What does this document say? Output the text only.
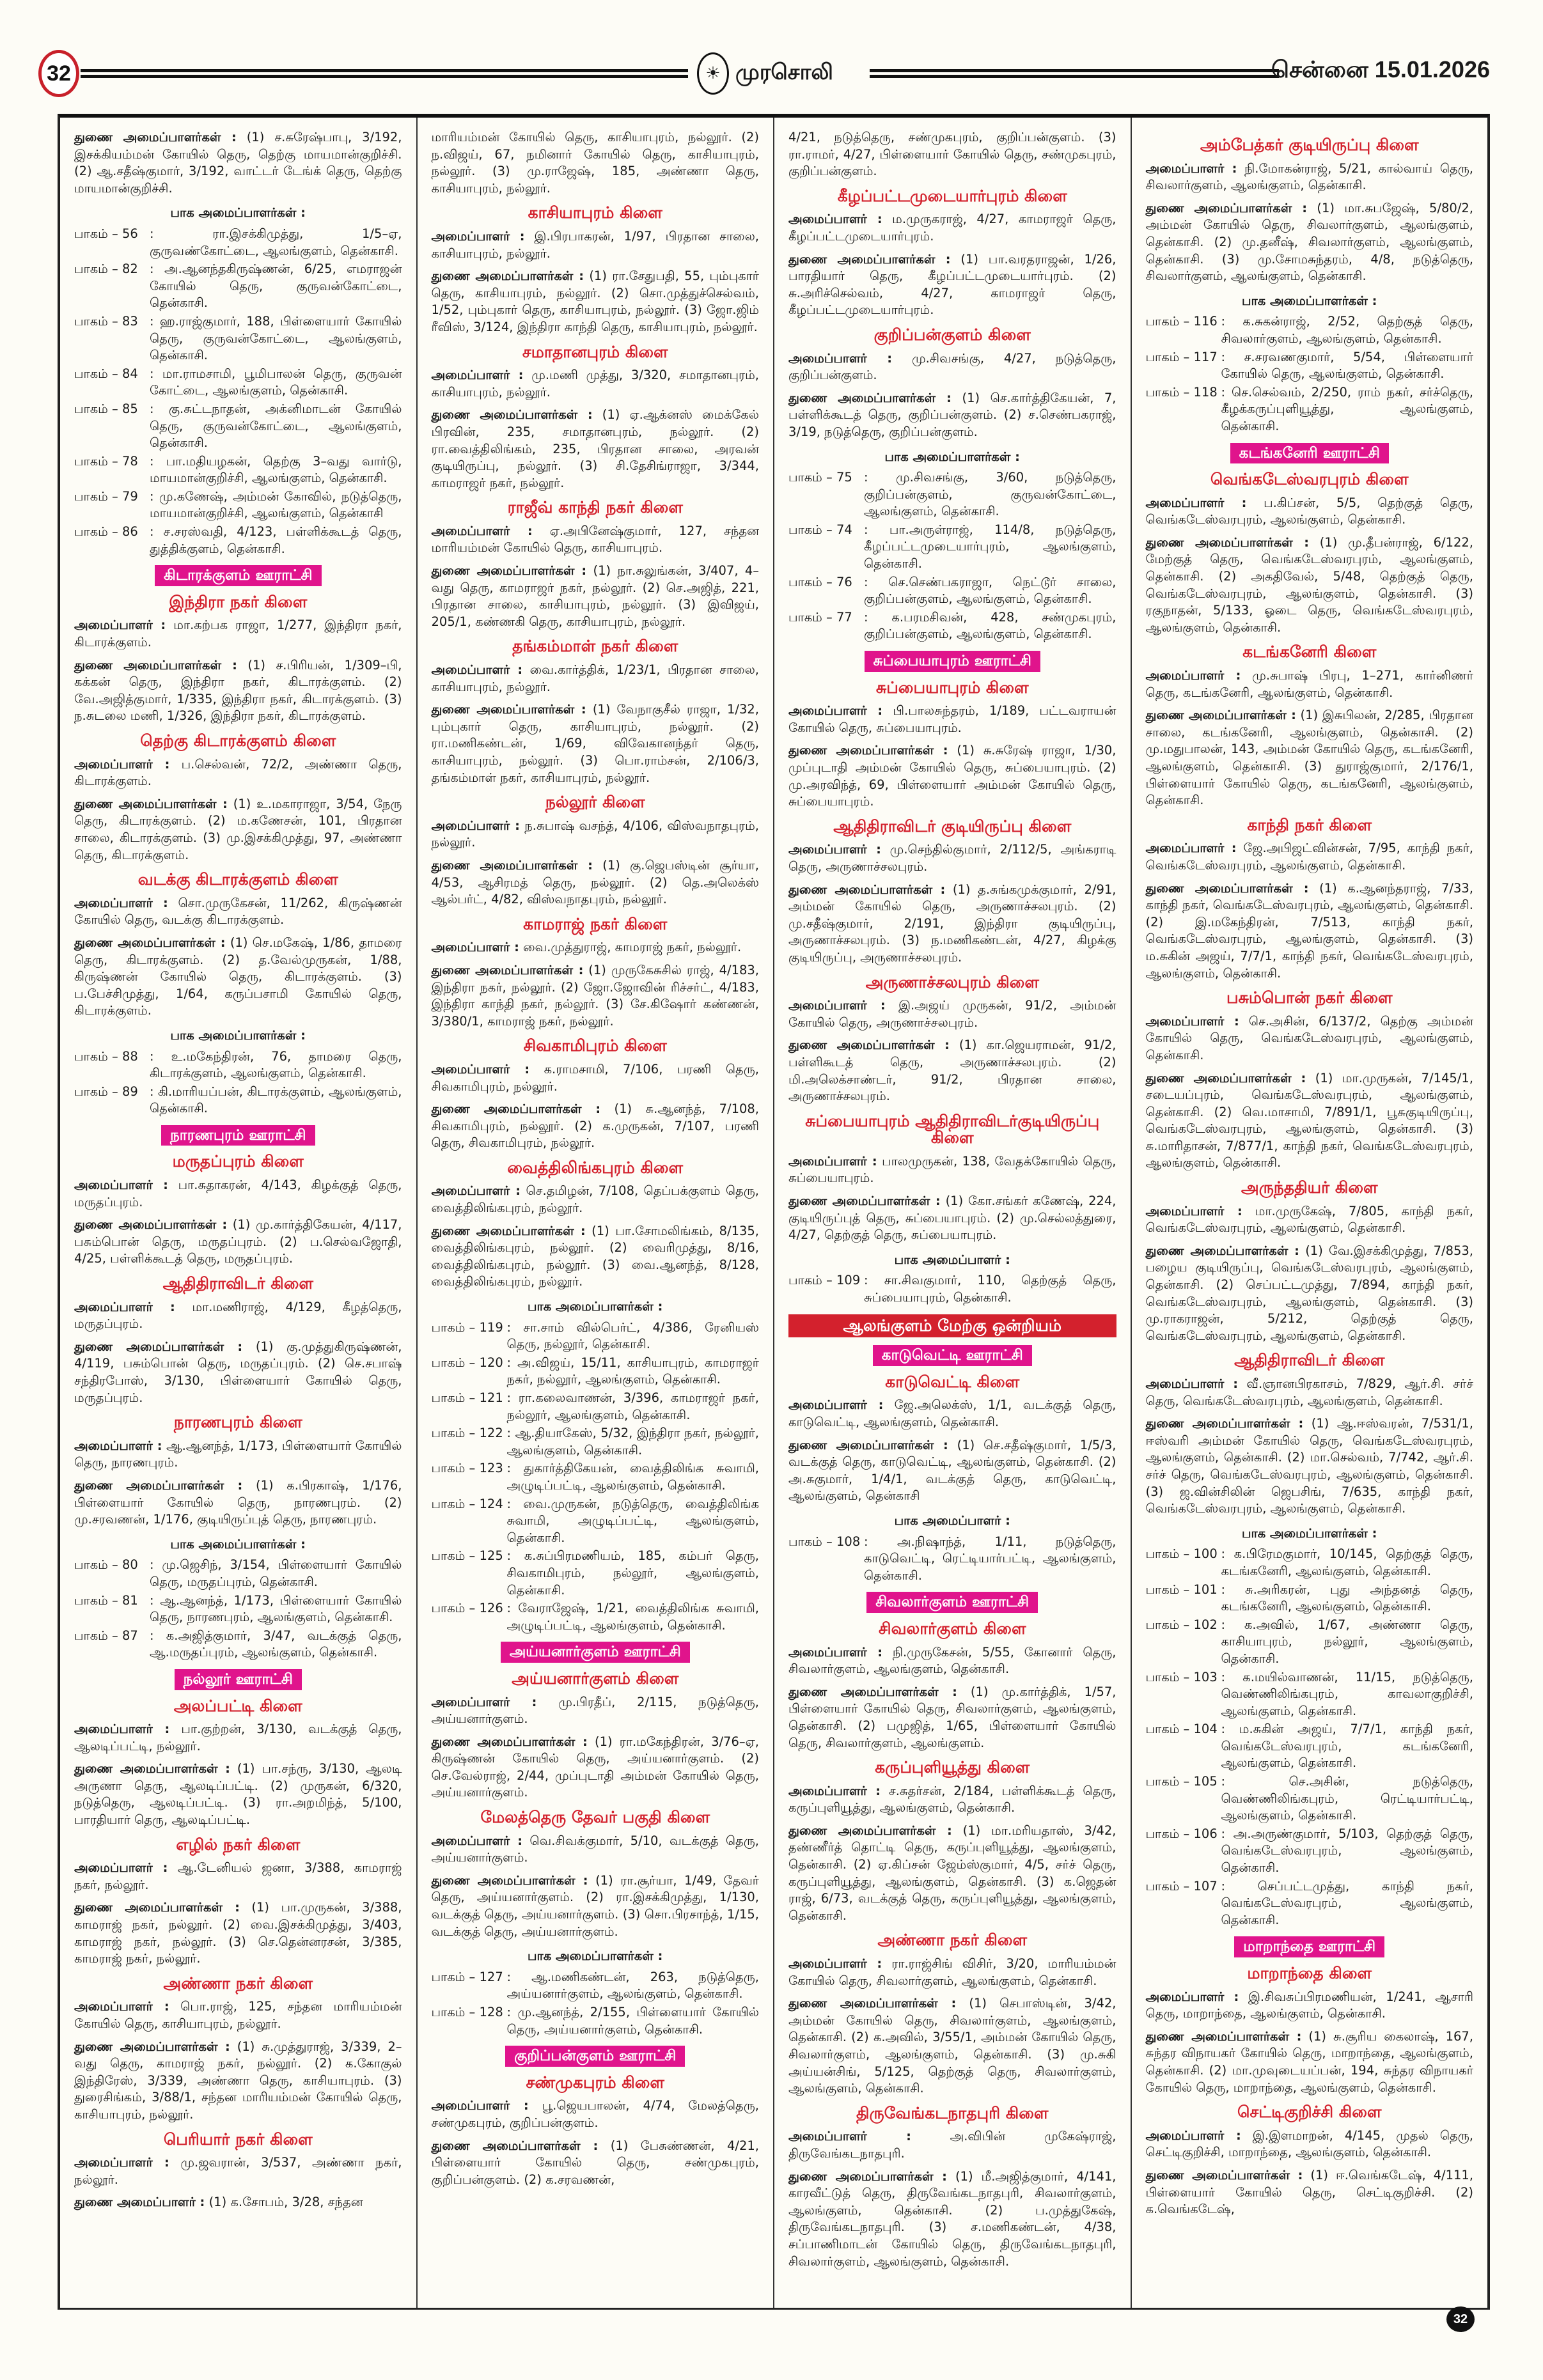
32	☀ முரசொலி	சென்னை 15.01.2026

துணை அமைப்பாளர்கள் : (1) ச.சுரேஷ்பாபு, 3/192, இசக்கியம்மன் கோயில் தெரு, தெற்கு மாயமான்குறிச்சி. (2) ஆ.சதீஷ்குமார், 3/192, வாட்டர் டேங்க் தெரு, தெற்கு மாயமான்குறிச்சி.

பாக அமைப்பாளர்கள் :
பாகம் – 56 : ரா.இசக்கிமுத்து, 1/5–ஏ, குருவண்கோட்டை, ஆலங்குளம், தென்காசி.
பாகம் – 82 : அ.ஆனந்தகிருஷ்ணன், 6/25, எமராஜன் கோயில் தெரு, குருவன்கோட்டை, தென்காசி.
பாகம் – 83 : ஹ.ராஜ்குமார், 188, பிள்ளையார் கோயில் தெரு, குருவன்கோட்டை, ஆலங்குளம், தென்காசி.
பாகம் – 84 : மா.ராமசாமி, பூமிபாலன் தெரு, குருவன் கோட்டை, ஆலங்குளம், தென்காசி.
பாகம் – 85 : கு.சுட்டநாதன், அக்னிமாடன் கோயில் தெரு, குருவன்கோட்டை, ஆலங்குளம், தென்காசி.
பாகம் – 78 : பா.மதியழகன், தெற்கு 3–வது வார்டு, மாயமான்குறிச்சி, ஆலங்குளம், தென்காசி.
பாகம் – 79 : மு.கணேஷ், அம்மன் கோவில், நடுத்தெரு, மாயமான்குறிச்சி, ஆலங்குளம், தென்காசி
பாகம் – 86 : ச.சரஸ்வதி, 4/123, பள்ளிக்கூடத் தெரு, துத்திக்குளம், தென்காசி.
கிடாரக்குளம் ஊராட்சி
இந்திரா நகர் கிளை

அமைப்பாளர் : மா.கற்பக ராஜா, 1/277, இந்திரா நகர், கிடாரக்குளம்.

துணை அமைப்பாளர்கள் : (1) ச.பிரியன், 1/309–பி, கக்கன் தெரு, இந்திரா நகர், கிடாரக்குளம். (2) வே.அஜித்குமார், 1/335, இந்திரா நகர், கிடாரக்குளம். (3) ந.சுடலை மணி, 1/326, இந்திரா நகர், கிடாரக்குளம்.

தெற்கு கிடாரக்குளம் கிளை

அமைப்பாளர் : ப.செல்வன், 72/2, அண்ணா தெரு, கிடாரக்குளம்.

துணை அமைப்பாளர்கள் : (1) உ.மகாராஜா, 3/54, நேரு தெரு, கிடாரக்குளம். (2) ம.கணேசன், 101, பிரதான சாலை, கிடாரக்குளம். (3) மு.இசக்கிமுத்து, 97, அண்ணா தெரு, கிடாரக்குளம்.

வடக்கு கிடாரக்குளம் கிளை

அமைப்பாளர் : சொ.முருகேசன், 11/262, கிருஷ்ணன் கோயில் தெரு, வடக்கு கிடாரக்குளம்.

துணை அமைப்பாளர்கள் : (1) செ.மகேஷ், 1/86, தாமரை தெரு, கிடாரக்குளம். (2) த.வேல்முருகன், 1/88, கிருஷ்ணன் கோயில் தெரு, கிடாரக்குளம். (3) ப.பேச்சிமுத்து, 1/64, கருப்பசாமி கோயில் தெரு, கிடாரக்குளம்.

பாக அமைப்பாளர்கள் :
பாகம் – 88 : உ.மகேந்திரன், 76, தாமரை தெரு, கிடாரக்குளம், ஆலங்குளம், தென்காசி.
பாகம் – 89 : கி.மாரியப்பன், கிடாரக்குளம், ஆலங்குளம், தென்காசி.
நாரணபுரம் ஊராட்சி
மருதப்புரம் கிளை

அமைப்பாளர் : பா.சுதாகரன், 4/143, கிழக்குத் தெரு, மருதப்புரம்.

துணை அமைப்பாளர்கள் : (1) மு.கார்த்திகேயன், 4/117, பசும்பொன் தெரு, மருதப்புரம். (2) ப.செல்வஜோதி, 4/25, பள்ளிக்கூடத் தெரு, மருதப்புரம்.

ஆதிதிராவிடர் கிளை

அமைப்பாளர் : மா.மணிராஜ், 4/129, கீழத்தெரு, மருதப்புரம்.

துணை அமைப்பாளர்கள் : (1) கு.முத்துகிருஷ்ணன், 4/119, பசும்பொன் தெரு, மருதப்புரம். (2) செ.சபாஷ் சந்திரபோஸ், 3/130, பிள்ளையார் கோயில் தெரு, மருதப்புரம்.

நாரணபுரம் கிளை

அமைப்பாளர் : ஆ.ஆனந்த், 1/173, பிள்ளையார் கோயில் தெரு, நாரணபுரம்.

துணை அமைப்பாளர்கள் : (1) க.பிரகாஷ், 1/176, பிள்ளையார் கோயில் தெரு, நாரணபுரம். (2) மு.சரவணன், 1/176, குடியிருப்புத் தெரு, நாரணபுரம்.

பாக அமைப்பாளர்கள் :
பாகம் – 80 : மு.ஜெசிந், 3/154, பிள்ளையார் கோயில் தெரு, மருதப்புரம், தென்காசி.
பாகம் – 81 : ஆ.ஆனந்த், 1/173, பிள்ளையார் கோயில் தெரு, நாரணபுரம், ஆலங்குளம், தென்காசி.
பாகம் – 87 : க.அஜித்குமார், 3/47, வடக்குத் தெரு, ஆ.மருதப்புரம், ஆலங்குளம், தென்காசி.
நல்லூர் ஊராட்சி
அலப்பட்டி கிளை

அமைப்பாளர் : பா.குற்றன், 3/130, வடக்குத் தெரு, ஆலடிப்பட்டி, நல்லூர்.

துணை அமைப்பாளர்கள் : (1) பா.சந்ரு, 3/130, ஆலடி அருணா தெரு, ஆலடிப்பட்டி. (2) முருகன், 6/320, நடுத்தெரு, ஆலடிப்பட்டி. (3) ரா.அறமிந்த், 5/100, பாரதியார் தெரு, ஆலடிப்பட்டி.

எழில் நகர் கிளை

அமைப்பாளர் : ஆ.டேனியல் ஜனா, 3/388, காமராஜ் நகர், நல்லூர்.

துணை அமைப்பாளர்கள் : (1) பா.முருகன், 3/388, காமராஜ் நகர், நல்லூர். (2) வை.இசக்கிமுத்து, 3/403, காமராஜ் நகர், நல்லூர். (3) செ.தென்னரசன், 3/385, காமராஜ் நகர், நல்லூர்.

அண்ணா நகர் கிளை

அமைப்பாளர் : பொ.ராஜ், 125, சந்தன மாரியம்மன் கோயில் தெரு, காசியாபுரம், நல்லூர்.

துணை அமைப்பாளர்கள் : (1) சு.முத்துராஜ், 3/339, 2–வது தெரு, காமராஜ் நகர், நல்லூர். (2) க.கோகுல் இந்திரேஸ், 3/339, அண்ணா தெரு, காசியாபுரம். (3) துரைசிங்கம், 3/88/1, சந்தன மாரியம்மன் கோயில் தெரு, காசியாபுரம், நல்லூர்.

பெரியார் நகர் கிளை

அமைப்பாளர் : மு.ஜவரான், 3/537, அண்ணா நகர், நல்லூர்.

துணை அமைப்பாளர் : (1) க.சோபம், 3/28, சந்தன

மாரியம்மன் கோயில் தெரு, காசியாபுரம், நல்லூர். (2) ந.விஜய், 67, நமினார் கோயில் தெரு, காசியாபுரம், நல்லூர். (3) மு.ராஜேஷ், 185, அண்ணா தெரு, காசியாபுரம், நல்லூர்.

காசியாபுரம் கிளை

அமைப்பாளர் : இ.பிரபாகரன், 1/97, பிரதான சாலை, காசியாபுரம், நல்லூர்.

துணை அமைப்பாளர்கள் : (1) ரா.சேதுபதி, 55, பும்புகார் தெரு, காசியாபுரம், நல்லூர். (2) சொ.முத்துச்செல்வம், 1/52, பும்புகார் தெரு, காசியாபுரம், நல்லூர். (3) ஜோ.ஜிம் ரீவிஸ், 3/124, இந்திரா காந்தி தெரு, காசியாபுரம், நல்லூர்.

சமாதானபுரம் கிளை

அமைப்பாளர் : மு.மணி முத்து, 3/320, சமாதானபுரம், காசியாபுரம், நல்லூர்.

துணை அமைப்பாளர்கள் : (1) ஏ.ஆக்னஸ் மைக்கேல் பிரவின், 235, சமாதானபுரம், நல்லூர். (2) ரா.வைத்திலிங்கம், 235, பிரதான சாலை, அரவன் குடியிருப்பு, நல்லூர். (3) சி.தேசிங்ராஜா, 3/344, காமராஜர் நகர், நல்லூர்.

ராஜீவ் காந்தி நகர் கிளை

அமைப்பாளர் : ஏ.அபினேஷ்குமார், 127, சந்தன மாரியம்மன் கோயில் தெரு, காசியாபுரம்.

துணை அமைப்பாளர்கள் : (1) நா.சுலுங்கன், 3/407, 4–வது தெரு, காமராஜர் நகர், நல்லூர். (2) செ.அஜித், 221, பிரதான சாலை, காசியாபுரம், நல்லூர். (3) இவிஜய், 205/1, கண்ணகி தெரு, காசியாபுரம், நல்லூர்.

தங்கம்மாள் நகர் கிளை

அமைப்பாளர் : வை.கார்த்திக், 1/23/1, பிரதான சாலை, காசியாபுரம், நல்லூர்.

துணை அமைப்பாளர்கள் : (1) வேநாகுசீல் ராஜா, 1/32, பும்புகார் தெரு, காசியாபுரம், நல்லூர். (2) ரா.மணிகண்டன், 1/69, விவேகானந்தர் தெரு, காசியாபுரம், நல்லூர். (3) பொ.ராம்சன், 2/106/3, தங்கம்மாள் நகர், காசியாபுரம், நல்லூர்.

நல்லூர் கிளை

அமைப்பாளர் : ந.சுபாஷ் வசந்த், 4/106, விஸ்வநாதபுரம், நல்லூர்.

துணை அமைப்பாளர்கள் : (1) கு.ஜெபஸ்டின் சூர்யா, 4/53, ஆசிரமத் தெரு, நல்லூர். (2) தெ.அலெக்ஸ் ஆல்பர்ட், 4/82, விஸ்வநாதபுரம், நல்லூர்.

காமராஜ் நகர் கிளை

அமைப்பாளர் : வை.முத்துராஜ், காமராஜ் நகர், நல்லூர்.

துணை அமைப்பாளர்கள் : (1) முருகேசுசில் ராஜ், 4/183, இந்திரா நகர், நல்லூர். (2) ஜோ.ஜோவின் ரிச்சர்ட், 4/183, இந்திரா காந்தி நகர், நல்லூர். (3) சே.கிஷோர் கண்ணன், 3/380/1, காமராஜ் நகர், நல்லூர்.

சிவகாமிபுரம் கிளை

அமைப்பாளர் : க.ராமசாமி, 7/106, பரணி தெரு, சிவகாமிபுரம், நல்லூர்.

துணை அமைப்பாளர்கள் : (1) சு.ஆனந்த், 7/108, சிவகாமிபுரம், நல்லூர். (2) க.முருகன், 7/107, பரணி தெரு, சிவகாமிபுரம், நல்லூர்.

வைத்திலிங்கபுரம் கிளை

அமைப்பாளர் : செ.தமிழன், 7/108, தெப்பக்குளம் தெரு, வைத்திலிங்கபுரம், நல்லூர்.

துணை அமைப்பாளர்கள் : (1) பா.சோமலிங்கம், 8/135, வைத்திலிங்கபுரம், நல்லூர். (2) வைரிமுத்து, 8/16, வைத்திலிங்கபுரம், நல்லூர். (3) வை.ஆனந்த், 8/128, வைத்திலிங்கபுரம், நல்லூர்.

பாக அமைப்பாளர்கள் :
பாகம் – 119 : சா.சாம் வில்பெர்ட், 4/386, ரேனியஸ் தெரு, நல்லூர், தென்காசி.
பாகம் – 120 : அ.விஜய், 15/11, காசியாபுரம், காமராஜர் நகர், நல்லூர், ஆலங்குளம், தென்காசி.
பாகம் – 121 : ரா.கலைவாணன், 3/396, காமராஜர் நகர், நல்லூர், ஆலங்குளம், தென்காசி.
பாகம் – 122 : ஆ.தியாகேஸ், 5/32, இந்திரா நகர், நல்லூர், ஆலங்குளம், தென்காசி.
பாகம் – 123 : துகார்த்திகேயன், வைத்திலிங்க சுவாமி, அழுடிப்பட்டி, ஆலங்குளம், தென்காசி.
பாகம் – 124 : வை.முருகன், நடுத்தெரு, வைத்திலிங்க சுவாமி, அழுடிப்பட்டி, ஆலங்குளம், தென்காசி.
பாகம் – 125 : க.சுப்பிரமணியம், 185, கம்பர் தெரு, சிவகாமிபுரம், நல்லூர், ஆலங்குளம், தென்காசி.
பாகம் – 126 : வேராஜேஷ், 1/21, வைத்திலிங்க சுவாமி, அழுடிப்பட்டி, ஆலங்குளம், தென்காசி.
அய்யனார்குளம் ஊராட்சி
அய்யனார்குளம் கிளை

அமைப்பாளர் : மு.பிரதீப், 2/115, நடுத்தெரு, அய்யனார்குளம்.

துணை அமைப்பாளர்கள் : (1) ரா.மகேந்திரன், 3/76–ஏ, கிருஷ்ணன் கோயில் தெரு, அய்யனார்குளம். (2) செ.வேல்ராஜ், 2/44, முப்புடாதி அம்மன் கோயில் தெரு, அய்யனார்குளம்.

மேலத்தெரு தேவர் பகுதி கிளை

அமைப்பாளர் : வெ.சிவக்குமார், 5/10, வடக்குத் தெரு, அய்யனார்குளம்.

துணை அமைப்பாளர்கள் : (1) ரா.சூர்யா, 1/49, தேவர் தெரு, அய்யனார்குளம். (2) ரா.இசக்கிமுத்து, 1/130, வடக்குத் தெரு, அய்யனார்குளம். (3) சொ.பிரசாந்த், 1/15, வடக்குத் தெரு, அய்யனார்குளம்.

பாக அமைப்பாளர்கள் :
பாகம் – 127 : ஆ.மணிகண்டன், 263, நடுத்தெரு, அய்யனார்குளம், ஆலங்குளம், தென்காசி.
பாகம் – 128 : மு.ஆனந்த், 2/155, பிள்ளையார் கோயில் தெரு, அய்யனார்குளம், தென்காசி.
குறிப்பன்குளம் ஊராட்சி
சண்முகபுரம் கிளை

அமைப்பாளர் : பூ.ஜெயபாலன், 4/74, மேலத்தெரு, சண்முகபுரம், குறிப்பன்குளம்.

துணை அமைப்பாளர்கள் : (1) பேசுண்ணன், 4/21, பிள்ளையார் கோயில் தெரு, சண்முகபுரம், குறிப்பன்குளம். (2) க.சரவணன்,

4/21, நடுத்தெரு, சண்முகபுரம், குறிப்பன்குளம். (3) ரா.ராமர், 4/27, பிள்ளையார் கோயில் தெரு, சண்முகபுரம், குறிப்பன்குளம்.

கீழப்பட்டமுடையார்புரம் கிளை

அமைப்பாளர் : ம.முருகராஜ், 4/27, காமராஜர் தெரு, கீழப்பட்டமுடையார்புரம்.

துணை அமைப்பாளர்கள் : (1) பா.வரதராஜன், 1/26, பாரதியார் தெரு, கீழப்பட்டமுடையார்புரம். (2) சு.அரிச்செல்வம், 4/27, காமராஜர் தெரு, கீழப்பட்டமுடையார்புரம்.

குறிப்பன்குளம் கிளை

அமைப்பாளர் : மு.சிவசங்கு, 4/27, நடுத்தெரு, குறிப்பன்குளம்.

துணை அமைப்பாளர்கள் : (1) செ.கார்த்திகேயன், 7, பள்ளிக்கூடத் தெரு, குறிப்பன்குளம். (2) ச.செண்பகராஜ், 3/19, நடுத்தெரு, குறிப்பன்குளம்.

பாக அமைப்பாளர்கள் :
பாகம் – 75 : மு.சிவசங்கு, 3/60, நடுத்தெரு, குறிப்பன்குளம், குருவன்கோட்டை, ஆலங்குளம், தென்காசி.
பாகம் – 74 : பா.அருள்ராஜ், 114/8, நடுத்தெரு, கீழப்பட்டமுடையார்புரம், ஆலங்குளம், தென்காசி.
பாகம் – 76 : செ.செண்பகராஜா, நெட்டூர் சாலை, குறிப்பன்குளம், ஆலங்குளம், தென்காசி.
பாகம் – 77 : க.பரமசிவன், 428, சண்முகபுரம், குறிப்பன்குளம், ஆலங்குளம், தென்காசி.
சுப்பையாபுரம் ஊராட்சி
சுப்பையாபுரம் கிளை

அமைப்பாளர் : பி.பாலசுந்தரம், 1/189, பட்டவராயன் கோயில் தெரு, சுப்பையாபுரம்.

துணை அமைப்பாளர்கள் : (1) சு.சுரேஷ் ராஜா, 1/30, முப்புடாதி அம்மன் கோயில் தெரு, சுப்பையாபுரம். (2) மு.அரவிந்த், 69, பிள்ளையார் அம்மன் கோயில் தெரு, சுப்பையாபுரம்.

ஆதிதிராவிடர் குடியிருப்பு கிளை

அமைப்பாளர் : மு.செந்தில்குமார், 2/112/5, அங்கராடி தெரு, அருணாச்சலபுரம்.

துணை அமைப்பாளர்கள் : (1) த.சுங்கமுக்குமார், 2/91, அம்மன் கோயில் தெரு, அருணாச்சலபுரம். (2) மு.சதீஷ்குமார், 2/191, இந்திரா குடியிருப்பு, அருணாச்சலபுரம். (3) ந.மணிகண்டன், 4/27, கிழக்கு குடியிருப்பு, அருணாச்சலபுரம்.

அருணாச்சலபுரம் கிளை

அமைப்பாளர் : இ.அஜய் முருகன், 91/2, அம்மன் கோயில் தெரு, அருணாச்சலபுரம்.

துணை அமைப்பாளர்கள் : (1) கா.ஜெயராமன், 91/2, பள்ளிகூடத் தெரு, அருணாச்சலபுரம். (2) மி.அலெக்சாண்டர், 91/2, பிரதான சாலை, அருணாச்சலபுரம்.

சுப்பையாபுரம் ஆதிதிராவிடர்குடியிருப்பு கிளை

அமைப்பாளர் : பாலமுருகன், 138, வேதக்கோயில் தெரு, சுப்பையாபுரம்.

துணை அமைப்பாளர்கள் : (1) கோ.சங்கர் கணேஷ், 224, குடியிருப்புத் தெரு, சுப்பையாபுரம். (2) மு.செல்லத்துரை, 4/27, தெற்குத் தெரு, சுப்பையாபுரம்.

பாக அமைப்பாளர் :
பாகம் – 109 : சா.சிவகுமார், 110, தெற்குத் தெரு, சுப்பையாபுரம், தென்காசி.
ஆலங்குளம் மேற்கு ஒன்றியம்
காடுவெட்டி ஊராட்சி
காடுவெட்டி கிளை

அமைப்பாளர் : ஜே.அலெக்ஸ், 1/1, வடக்குத் தெரு, காடுவெட்டி, ஆலங்குளம், தென்காசி.

துணை அமைப்பாளர்கள் : (1) செ.சதீஷ்குமார், 1/5/3, வடக்குத் தெரு, காடுவெட்டி, ஆலங்குளம், தென்காசி. (2) அ.சுகுமார், 1/4/1, வடக்குத் தெரு, காடுவெட்டி, ஆலங்குளம், தென்காசி

பாக அமைப்பாளர் :
பாகம் – 108 : அ.நிஷாந்த், 1/11, நடுத்தெரு, காடுவெட்டி, ரெட்டியார்பட்டி, ஆலங்குளம், தென்காசி.
சிவலார்குளம் ஊராட்சி
சிவலார்குளம் கிளை

அமைப்பாளர் : நி.முருகேசன், 5/55, கோனார் தெரு, சிவலார்குளம், ஆலங்குளம், தென்காசி.

துணை அமைப்பாளர்கள் : (1) மு.கார்த்திக், 1/57, பிள்ளையார் கோயில் தெரு, சிவலார்குளம், ஆலங்குளம், தென்காசி. (2) பமுஜித், 1/65, பிள்ளையார் கோயில் தெரு, சிவலார்குளம், ஆலங்குளம்.

கருப்புளியூத்து கிளை

அமைப்பாளர் : ச.சுதர்சன், 2/184, பள்ளிக்கூடத் தெரு, கருப்புளியூத்து, ஆலங்குளம், தென்காசி.

துணை அமைப்பாளர்கள் : (1) மா.மரியதாஸ், 3/42, தண்ணீர்த் தொட்டி தெரு, கருப்புளியூத்து, ஆலங்குளம், தென்காசி. (2) ஏ.கிப்சன் ஜேம்ஸ்குமார், 4/5, சர்ச் தெரு, கருப்புளியூத்து, ஆலங்குளம், தென்காசி. (3) க.ஜெதன் ராஜ், 6/73, வடக்குத் தெரு, கருப்புளியூத்து, ஆலங்குளம், தென்காசி.

அண்ணா நகர் கிளை

அமைப்பாளர் : ரா.ராஜ்சிங் விசிர், 3/20, மாரியம்மன் கோயில் தெரு, சிவலார்குளம், ஆலங்குளம், தென்காசி.

துணை அமைப்பாளர்கள் : (1) செபாஸ்டின், 3/42, அம்மன் கோயில் தெரு, சிவலார்குளம், ஆலங்குளம், தென்காசி. (2) க.அவில், 3/55/1, அம்மன் கோயில் தெரு, சிவலார்குளம், ஆலங்குளம், தென்காசி. (3) மு.சுகி அய்யன்சிங், 5/125, தெற்குத் தெரு, சிவலார்குளம், ஆலங்குளம், தென்காசி.

திருவேங்கடநாதபுரி கிளை

அமைப்பாளர் :	அ.விபின் முகேஷ்ராஜ், திருவேங்கடநாதபுரி.

துணை அமைப்பாளர்கள் : (1) மீ.அஜித்குமார், 4/141, காரவீட்டுத் தெரு, திருவேங்கடநாதபுரி, சிவலார்குளம், ஆலங்குளம், தென்காசி. (2) ப.முத்துகேஷ், திருவேங்கடநாதபுரி. (3) ச.மணிகண்டன், 4/38, சப்பாணிமாடன் கோயில் தெரு, திருவேங்கடநாதபுரி, சிவலார்குளம், ஆலங்குளம், தென்காசி.

அம்பேத்கர் குடியிருப்பு கிளை

அமைப்பாளர் : நி.மோகன்ராஜ், 5/21, கால்வாய் தெரு, சிவலார்குளம், ஆலங்குளம், தென்காசி.

துணை அமைப்பாளர்கள் : (1) மா.சுபஜேஷ், 5/80/2, அம்மன் கோயில் தெரு, சிவலார்குளம், ஆலங்குளம், தென்காசி. (2) மு.தனீஷ், சிவலார்குளம், ஆலங்குளம், தென்காசி. (3) மு.சோமசுந்தரம், 4/8, நடுத்தெரு, சிவலார்குளம், ஆலங்குளம், தென்காசி.

பாக அமைப்பாளர்கள் :
பாகம் – 116 : க.சுகன்ராஜ், 2/52, தெற்குத் தெரு, சிவலார்குளம், ஆலங்குளம், தென்காசி.
பாகம் – 117 : ச.சரவணகுமார், 5/54, பிள்ளையார் கோயில் தெரு, ஆலங்குளம், தென்காசி.
பாகம் – 118 : செ.செல்வம், 2/250, ராம் நகர், சர்ச்தெரு, கீழக்கருப்புளியூத்து, ஆலங்குளம், தென்காசி.
கடங்கனேரி ஊராட்சி
வெங்கடேஸ்வரபுரம் கிளை

அமைப்பாளர் : ப.கிப்சன், 5/5, தெற்குத் தெரு, வெங்கடேஸ்வரபுரம், ஆலங்குளம், தென்காசி.

துணை அமைப்பாளர்கள் : (1) மு.தீபன்ராஜ், 6/122, மேற்குத் தெரு, வெங்கடேஸ்வரபுரம், ஆலங்குளம், தென்காசி. (2) அகதிவேல், 5/48, தெற்குத் தெரு, வெங்கடேஸ்வரபுரம், ஆலங்குளம், தென்காசி. (3) ரகுநாதன், 5/133, ஓடை தெரு, வெங்கடேஸ்வரபுரம், ஆலங்குளம், தென்காசி.

கடங்கனேரி கிளை

அமைப்பாளர் : மு.சுபாஷ் பிரபு, 1–271, கார்னிணர் தெரு, கடங்கனேரி, ஆலங்குளம், தென்காசி.

துணை அமைப்பாளர்கள் : (1) இசுபிலன், 2/285, பிரதான சாலை, கடங்கனேரி, ஆலங்குளம், தென்காசி. (2) மு.மதுபாலன், 143, அம்மன் கோயில் தெரு, கடங்கனேரி, ஆலங்குளம், தென்காசி. (3) துராஜ்குமார், 2/176/1, பிள்ளையார் கோயில் தெரு, கடங்கனேரி, ஆலங்குளம், தென்காசி.

காந்தி நகர் கிளை

அமைப்பாளர் : ஜே.அபிஜட்வின்சன், 7/95, காந்தி நகர், வெங்கடேஸ்வரபுரம், ஆலங்குளம், தென்காசி.

துணை அமைப்பாளர்கள் : (1) க.ஆனந்தராஜ், 7/33, காந்தி நகர், வெங்கடேஸ்வரபுரம், ஆலங்குளம், தென்காசி. (2) இ.மகேந்திரன், 7/513, காந்தி நகர், வெங்கடேஸ்வரபுரம், ஆலங்குளம், தென்காசி. (3) ம.சுகின் அஜய், 7/7/1, காந்தி நகர், வெங்கடேஸ்வரபுரம், ஆலங்குளம், தென்காசி.

பசும்பொன் நகர் கிளை

அமைப்பாளர் : செ.அசின், 6/137/2, தெற்கு அம்மன் கோயில் தெரு, வெங்கடேஸ்வரபுரம், ஆலங்குளம், தென்காசி.

துணை அமைப்பாளர்கள் : (1) மா.முருகன், 7/145/1, சடையப்புரம், வெங்கடேஸ்வரபுரம், ஆலங்குளம், தென்காசி. (2) வெ.மாசாமி, 7/891/1, பூசுகுடியிருப்பு, வெங்கடேஸ்வரபுரம், ஆலங்குளம், தென்காசி. (3) சு.மாரிதாசன், 7/877/1, காந்தி நகர், வெங்கடேஸ்வரபுரம், ஆலங்குளம், தென்காசி.

அருந்ததியர் கிளை

அமைப்பாளர் : மா.முருகேஷ், 7/805, காந்தி நகர், வெங்கடேஸ்வரபுரம், ஆலங்குளம், தென்காசி.

துணை அமைப்பாளர்கள் : (1) வே.இசக்கிமுத்து, 7/853, பழைய குடியிருப்பு, வெங்கடேஸ்வரபுரம், ஆலங்குளம், தென்காசி. (2) செப்பட்டமுத்து, 7/894, காந்தி நகர், வெங்கடேஸ்வரபுரம், ஆலங்குளம், தென்காசி. (3) மு.ராகராஜன், 5/212, தெற்குத் தெரு, வெங்கடேஸ்வரபுரம், ஆலங்குளம், தென்காசி.

ஆதிதிராவிடர் கிளை

அமைப்பாளர் : வீ.ஞானபிரகாசம், 7/829, ஆர்.சி. சர்ச் தெரு, வெங்கடேஸ்வரபுரம், ஆலங்குளம், தென்காசி.

துணை அமைப்பாளர்கள் : (1) ஆ.ஈஸ்வரன், 7/531/1, ஈஸ்வரி அம்மன் கோயில் தெரு, வெங்கடேஸ்வரபுரம், ஆலங்குளம், தென்காசி. (2) மா.செல்வம், 7/742, ஆர்.சி. சர்ச் தெரு, வெங்கடேஸ்வரபுரம், ஆலங்குளம், தென்காசி. (3) ஜ.வின்சிலின் ஜெபசிங், 7/635, காந்தி நகர், வெங்கடேஸ்வரபுரம், ஆலங்குளம், தென்காசி.

பாக அமைப்பாளர்கள் :
பாகம் – 100 : க.பிரேமகுமார், 10/145, தெற்குத் தெரு, கடங்கனேரி, ஆலங்குளம், தென்காசி.
பாகம் – 101 : சு.அரிகரன், புது அந்தனத் தெரு, கடங்கனேரி, ஆலங்குளம், தென்காசி.
பாகம் – 102 : க.அவில், 1/67, அண்ணா தெரு, காசியாபுரம், நல்லூர், ஆலங்குளம், தென்காசி.
பாகம் – 103 : க.மயில்வாணன், 11/15, நடுத்தெரு, வெண்ணிலிங்கபுரம், காவலாகுறிச்சி, ஆலங்குளம், தென்காசி.
பாகம் – 104 : ம.சுகின் அஜய், 7/7/1, காந்தி நகர், வெங்கடேஸ்வரபுரம், கடங்கனேரி, ஆலங்குளம், தென்காசி.
பாகம் – 105 : செ.அசின், நடுத்தெரு, வெண்ணிலிங்கபுரம், ரெட்டியார்பட்டி, ஆலங்குளம், தென்காசி.
பாகம் – 106 : அ.அருண்குமார், 5/103, தெற்குத் தெரு, வெங்கடேஸ்வரபுரம், ஆலங்குளம், தென்காசி.
பாகம் – 107 : செப்பட்டமுத்து, காந்தி நகர், வெங்கடேஸ்வரபுரம், ஆலங்குளம், தென்காசி.
மாறாந்தை ஊராட்சி
மாறாந்தை கிளை

அமைப்பாளர் : இ.சிவசுப்பிரமணியன், 1/241, ஆசாரி தெரு, மாறாந்தை, ஆலங்குளம், தென்காசி.

துணை அமைப்பாளர்கள் : (1) சு.சூரிய கைலாஷ், 167, சுந்தர விநாயகர் கோயில் தெரு, மாறாந்தை, ஆலங்குளம், தென்காசி. (2) மா.முவுடையப்பன், 194, சுந்தர விநாயகர் கோயில் தெரு, மாறாந்தை, ஆலங்குளம், தென்காசி.

செட்டிகுறிச்சி கிளை

அமைப்பாளர் : இ.இளமாறன், 4/145, முதல் தெரு, செட்டிகுறிச்சி, மாறாந்தை, ஆலங்குளம், தென்காசி.

துணை அமைப்பாளர்கள் : (1) ஈ.வெங்கடேஷ், 4/111, பிள்ளையார் கோயில் தெரு, செட்டிகுறிச்சி. (2) க.வெங்கடேஷ்,

32
